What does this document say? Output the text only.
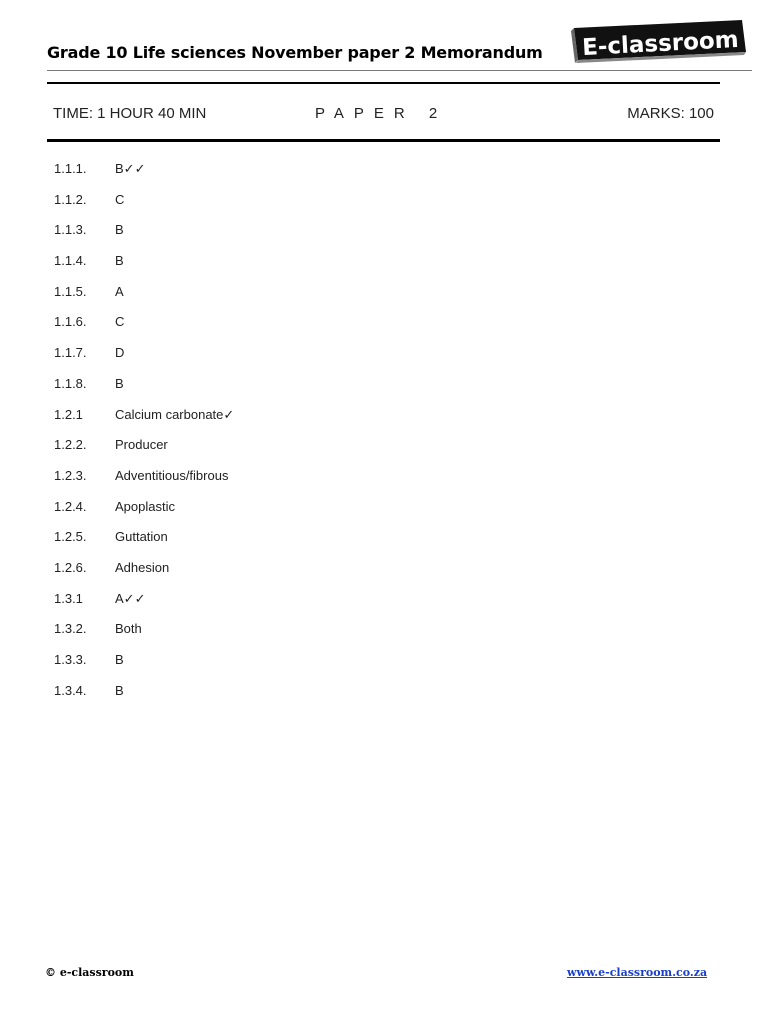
Grade 10 Life sciences November paper 2 Memorandum E-classroom
TIME: 1 HOUR 40 MIN	PAPER 2	MARKS: 100
1.1.1.	B✓✓
1.1.2.	C
1.1.3.	B
1.1.4.	B
1.1.5.	A
1.1.6.	C
1.1.7.	D
1.1.8.	B
1.2.1	Calcium carbonate✓
1.2.2.	Producer
1.2.3.	Adventitious/fibrous
1.2.4.	Apoplastic
1.2.5.	Guttation
1.2.6.	Adhesion
1.3.1	A✓✓
1.3.2.	Both
1.3.3.	B
1.3.4.	B
© e-classroom	www.e-classroom.co.za
